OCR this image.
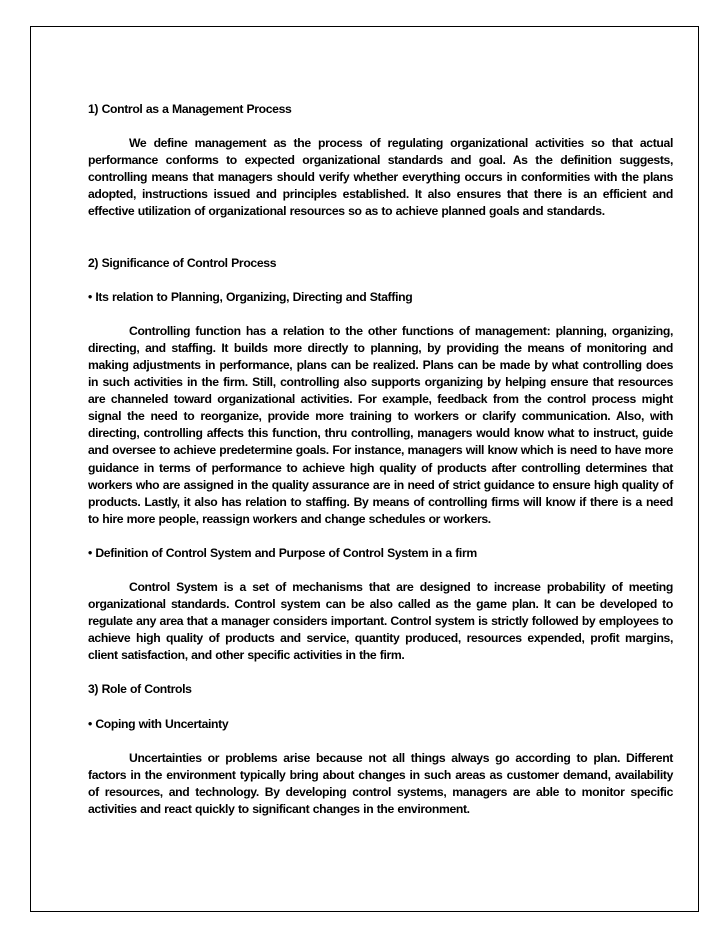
1) Control as a Management Process

We define management as the process of regulating organizational activities so that actual performance conforms to expected organizational standards and goal. As the definition suggests, controlling means that managers should verify whether everything occurs in conformities with the plans adopted, instructions issued and principles established. It also ensures that there is an efficient and effective utilization of organizational resources so as to achieve planned goals and standards.

2) Significance of Control Process

• Its relation to Planning, Organizing, Directing and Staffing

Controlling function has a relation to the other functions of management: planning, organizing, directing, and staffing. It builds more directly to planning, by providing the means of monitoring and making adjustments in performance, plans can be realized. Plans can be made by what controlling does in such activities in the firm. Still, controlling also supports organizing by helping ensure that resources are channeled toward organizational activities. For example, feedback from the control process might signal the need to reorganize, provide more training to workers or clarify communication. Also, with directing, controlling affects this function, thru controlling, managers would know what to instruct, guide and oversee to achieve predetermine goals. For instance, managers will know which is need to have more guidance in terms of performance to achieve high quality of products after controlling determines that workers who are assigned in the quality assurance are in need of strict guidance to ensure high quality of products. Lastly, it also has relation to staffing. By means of controlling firms will know if there is a need to hire more people, reassign workers and change schedules or workers.

• Definition of Control System and Purpose of Control System in a firm

Control System is a set of mechanisms that are designed to increase probability of meeting organizational standards. Control system can be also called as the game plan. It can be developed to regulate any area that a manager considers important. Control system is strictly followed by employees to achieve high quality of products and service, quantity produced, resources expended, profit margins, client satisfaction, and other specific activities in the firm.

3) Role of Controls

• Coping with Uncertainty

Uncertainties or problems arise because not all things always go according to plan. Different factors in the environment typically bring about changes in such areas as customer demand, availability of resources, and technology. By developing control systems, managers are able to monitor specific activities and react quickly to significant changes in the environment.
